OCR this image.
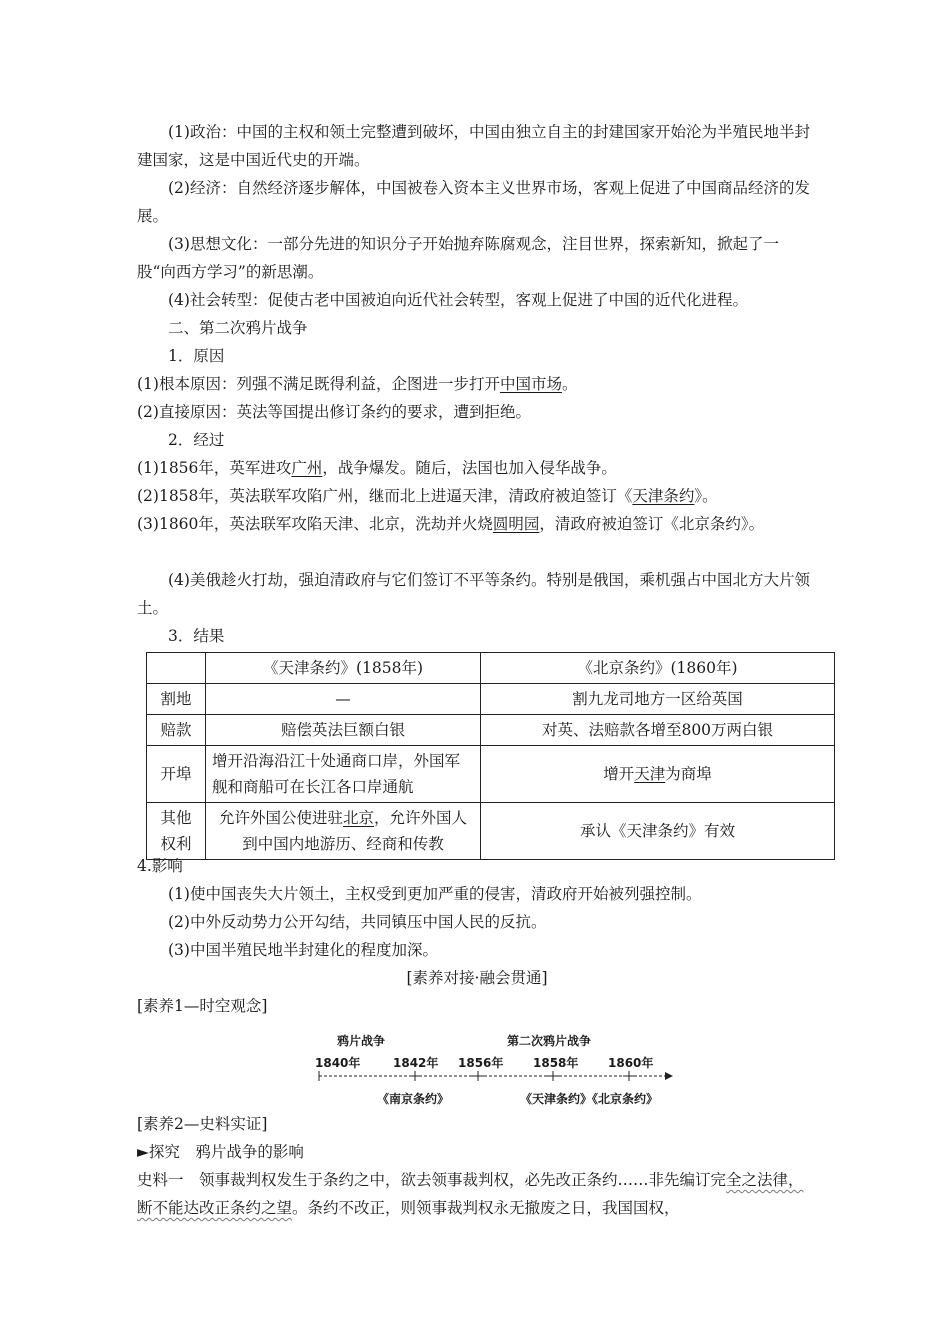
(1)政治：中国的主权和领土完整遭到破坏，中国由独立自主的封建国家开始沦为半殖民地半封建国家，这是中国近代史的开端。

(2)经济：自然经济逐步解体，中国被卷入资本主义世界市场，客观上促进了中国商品经济的发展。

(3)思想文化：一部分先进的知识分子开始抛弃陈腐观念，注目世界，探索新知，掀起了一股“向西方学习”的新思潮。

(4)社会转型：促使古老中国被迫向近代社会转型，客观上促进了中国的近代化进程。
二、第二次鸦片战争
1．原因
(1)根本原因：列强不满足既得利益，企图进一步打开中国市场。
(2)直接原因：英法等国提出修订条约的要求，遭到拒绝。
2．经过
(1)1856年，英军进攻广州，战争爆发。随后，法国也加入侵华战争。
(2)1858年，英法联军攻陷广州，继而北上进逼天津，清政府被迫签订《天津条约》。

(3)1860年，英法联军攻陷天津、北京，洗劫并火烧圆明园，清政府被迫签订《北京条约》。

(4)美俄趁火打劫，强迫清政府与它们签订不平等条约。特别是俄国，乘机强占中国北方大片领土。

3．结果
	《天津条约》(1858年)	《北京条约》(1860年)
割地	—	割九龙司地方一区给英国
赔款	赔偿英法巨额白银	对英、法赔款各增至800万两白银
开埠	增开沿海沿江十处通商口岸，外国军舰和商船可在长江各口岸通航	增开天津为商埠
其他权利	允许外国公使进驻北京，允许外国人到中国内地游历、经商和传教	承认《天津条约》有效
4.影响
(1)使中国丧失大片领土，主权受到更加严重的侵害，清政府开始被列强控制。
(2)中外反动势力公开勾结，共同镇压中国人民的反抗。
(3)中国半殖民地半封建化的程度加深。
[素养对接·融会贯通]
[素养1—时空观念]
鸦片战争	第二次鸦片战争
1840年	1842年 1856年 1858年 1860年
《南京条约》	《天津条约》《北京条约》
[素养2—史料实证]
►探究　鸦片战争的影响

史料一　领事裁判权发生于条约之中，欲去领事裁判权，必先改正条约……非先编订完全之法律，断不能达改正条约之望。条约不改正，则领事裁判权永无撤废之日，我国国权，
